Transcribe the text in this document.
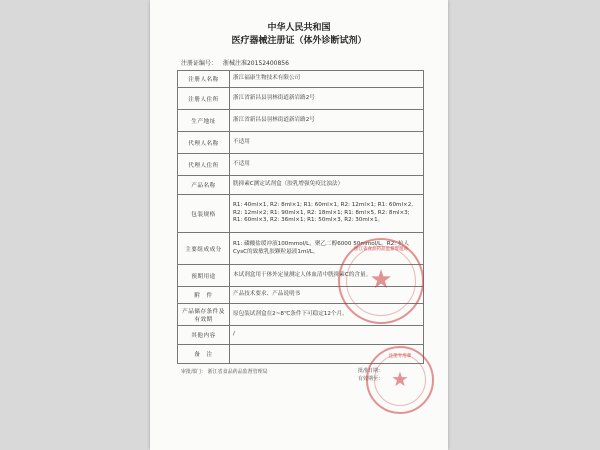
中华人民共和国
医疗器械注册证（体外诊断试剂）
注册证编号： 浙械注准20152400856
注册人名称	浙江福康生物技术有限公司
注册人住所	浙江省新昌县羽林街道新岩路2号
生产地址	浙江省新昌县羽林街道新岩路2号
代理人名称	不适用
代理人住所	不适用
产品名称	胱抑素C测定试剂盒（胶乳增强免疫比浊法）
包装规格	R1: 40ml×1, R2: 8ml×1; R1: 60ml×1, R2: 12ml×1; R1: 60ml×2, R2: 12ml×2; R1: 90ml×1, R2: 18ml×1; R1: 8ml×5, R2: 8ml×3; R1: 60ml×3, R2: 36ml×1; R1: 50ml×3, R2: 30ml×1。
主要组成成分	R1: 磷酸盐缓冲液100mmol/L，聚乙二醇6000 50mmol/L。R2: 抗人CysC的致敏乳胶颗粒悬液1ml/L。
预期用途	本试剂盒用于体外定量测定人体血清中胱抑素C的含量。
附　件	产品技术要求、产品说明书
产品储存条件及有效期	原包装试剂盒在2~8℃条件下可稳定12个月。
其他内容	/
备　注	
审批部门： 浙江省食品药品监督管理局	批准日期：
有效期至：
浙江省食品药品监督管理局
★
注册专用章
★
